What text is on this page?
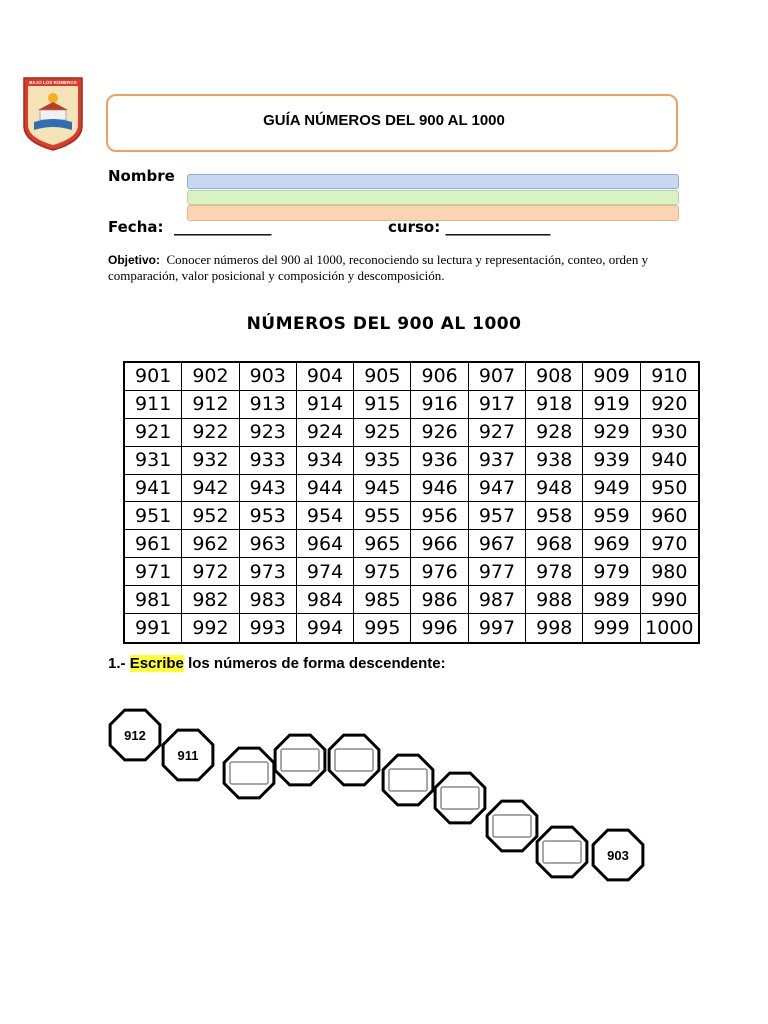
BAJO LOS ROMEROS
GUÍA NÚMEROS DEL 900 AL 1000
Nombre
Fecha: _____________	curso: ______________
Objetivo: Conocer números del 900 al 1000, reconociendo su lectura y representación, conteo, orden y comparación, valor posicional y composición y descomposición.
NÚMEROS DEL 900 AL 1000
901	902	903	904	905	906	907	908	909	910
911	912	913	914	915	916	917	918	919	920
921	922	923	924	925	926	927	928	929	930
931	932	933	934	935	936	937	938	939	940
941	942	943	944	945	946	947	948	949	950
951	952	953	954	955	956	957	958	959	960
961	962	963	964	965	966	967	968	969	970
971	972	973	974	975	976	977	978	979	980
981	982	983	984	985	986	987	988	989	990
991	992	993	994	995	996	997	998	999 1000
1.- Escribe los números de forma descendente:
912
911
903
